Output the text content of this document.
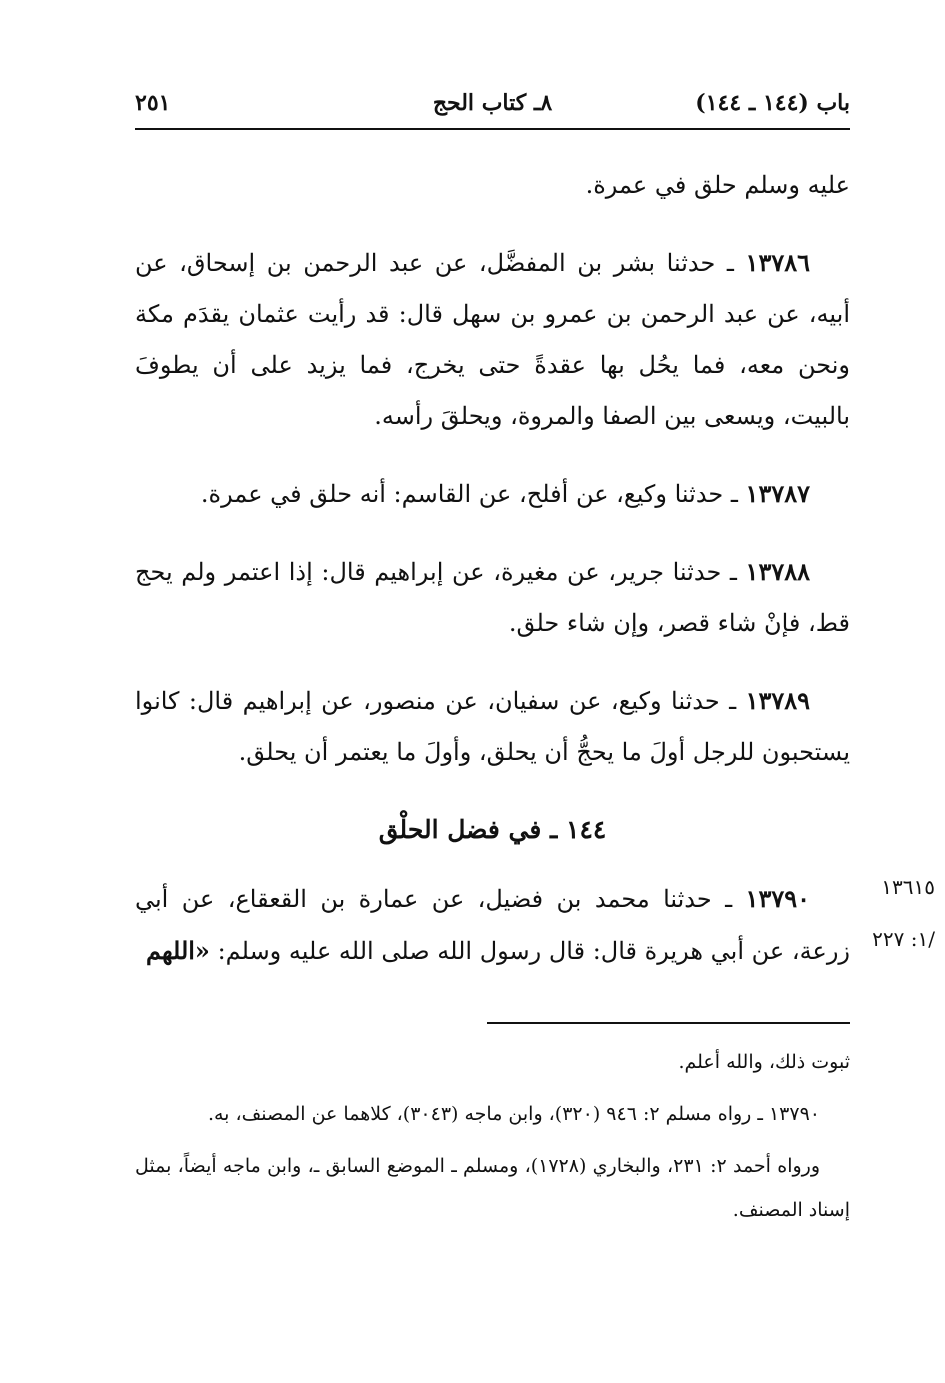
باب (١٤٤ ـ ١٤٤)
٨ـ كتاب الحج
٢٥١

عليه وسلم حلق في عمرة.

١٣٧٨٦ ـ حدثنا بشر بن المفضَّل، عن عبد الرحمن بن إسحاق، عن أبيه، عن عبد الرحمن بن عمرو بن سهل قال: قد رأيت عثمان يقدَم مكة ونحن معه، فما يحُل بها عقدةً حتى يخرج، فما يزيد على أن يطوفَ بالبيت، ويسعى بين الصفا والمروة، ويحلقَ رأسه.

١٣٧٨٧ ـ حدثنا وكيع، عن أفلح، عن القاسم: أنه حلق في عمرة.

١٣٧٨٨ ـ حدثنا جرير، عن مغيرة، عن إبراهيم قال: إذا اعتمر ولم يحج قط، فإنْ شاء قصر، وإن شاء حلق.

١٣٧٨٩ ـ حدثنا وكيع، عن سفيان، عن منصور، عن إبراهيم قال: كانوا يستحبون للرجل أولَ ما يحجُّ أن يحلق، وأولَ ما يعتمر أن يحلق.

١٤٤ ـ في فضل الحلْق

١٣٧٩٠ ـ حدثنا محمد بن فضيل، عن عمارة بن القعقاع، عن أبي زرعة، عن أبي هريرة قال: قال رسول الله صلى الله عليه وسلم: «اللهم

١٣٦١٥
/١: ٢٢٧

ثبوت ذلك، والله أعلم.

١٣٧٩٠ ـ رواه مسلم ٢: ٩٤٦ (٣٢٠)، وابن ماجه (٣٠٤٣)، كلاهما عن المصنف، به.

ورواه أحمد ٢: ٢٣١، والبخاري (١٧٢٨)، ومسلم ـ الموضع السابق ـ، وابن ماجه أيضاً، بمثل إسناد المصنف.
